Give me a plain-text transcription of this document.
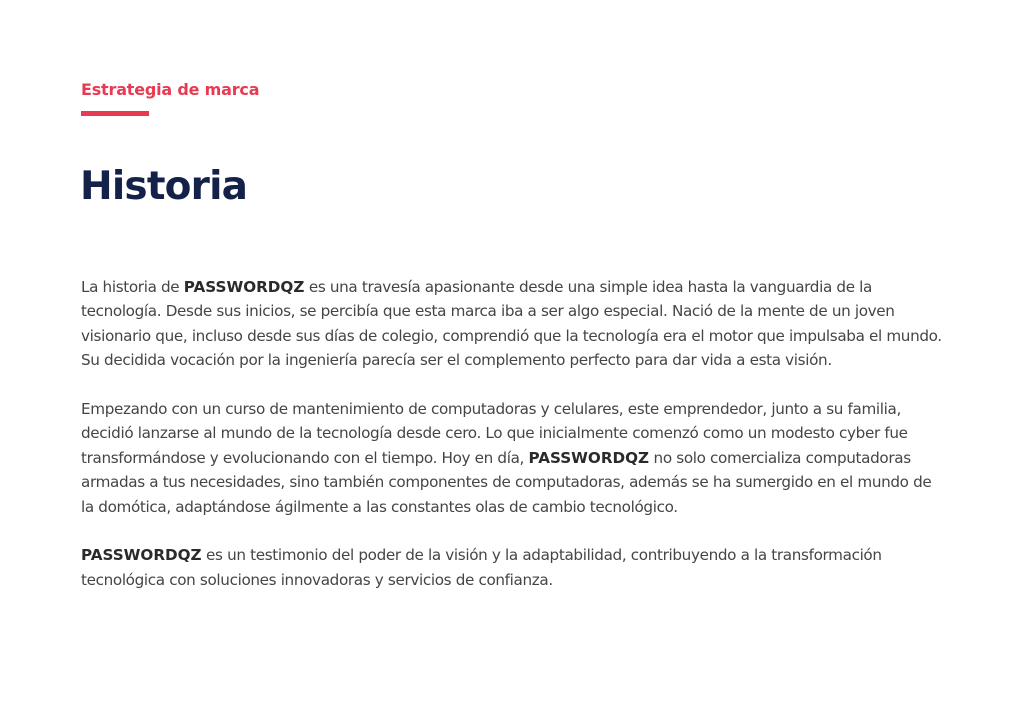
Estrategia de marca
Historia

La historia de PASSWORDQZ es una travesía apasionante desde una simple idea hasta la vanguardia de la tecnología. Desde sus inicios, se percibía que esta marca iba a ser algo especial. Nació de la mente de un joven visionario que, incluso desde sus días de colegio, comprendió que la tecnología era el motor que impulsaba el mundo. Su decidida vocación por la ingeniería parecía ser el complemento perfecto para dar vida a esta visión.

Empezando con un curso de mantenimiento de computadoras y celulares, este emprendedor, junto a su familia, decidió lanzarse al mundo de la tecnología desde cero. Lo que inicialmente comenzó como un modesto cyber fue transformándose y evolucionando con el tiempo. Hoy en día, PASSWORDQZ no solo comercializa computadoras armadas a tus necesidades, sino también componentes de computadoras, además se ha sumergido en el mundo de la domótica, adaptándose ágilmente a las constantes olas de cambio tecnológico.

PASSWORDQZ es un testimonio del poder de la visión y la adaptabilidad, contribuyendo a la transformación tecnológica con soluciones innovadoras y servicios de confianza.
